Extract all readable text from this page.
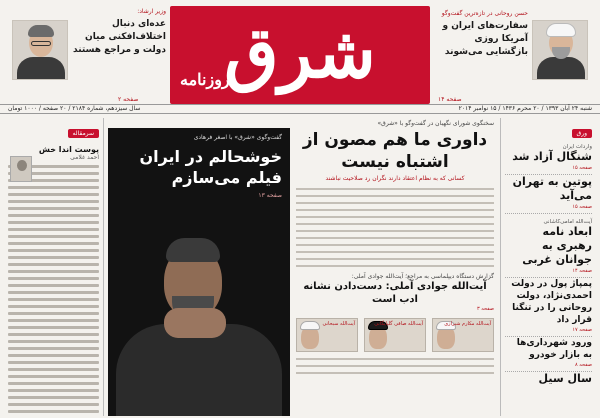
حسن روحانی در تازه‌ترین گفت‌وگو
سفارت‌های ایران و آمریکا روزی بازگشایی می‌شوند

صفحه ۱۴
شرق
روزنامه
وزیر ارشاد:
عده‌ای دنبال اختلاف‌افکنی میان دولت و مراجع هستند
صفحه ۲
شنبه ۲۴ آبان ۱۳۹۳ / ۲۰ محرم ۱۴۳۶ / ۱۵ نوامبر ۲۰۱۴
سال سیزدهم، شماره ۲۱۸۴ / ۲۰ صفحه / ۱۰۰۰ تومان
ورق
واردات ایران
شنگال آزاد شد
صفحه ۱۵
پوتین به تهران می‌آید
صفحه ۱۵
آیت‌الله امامی‌کاشانی
ابعاد نامه رهبری به جوانان غربی
صفحه ۱۴
پمپاژ پول در دولت احمدی‌نژاد، دولت روحانی را در تنگنا قرار داد
صفحه ۱۷
ورود شهرداری‌ها به بازار خودرو
صفحه ۸
سال سیل
سرمقاله
پوست اندا خش
احمد غلامی
گفت‌وگوی «شرق» با اصغر فرهادی
خوشحالم در ایران فیلم می‌سازم
صفحه ۱۳
سخنگوی شورای نگهبان در گفت‌وگو با «شرق»
داوری ما هم مصون از اشتباه نیست
کسانی که به نظام اعتقاد دارند نگران رد صلاحیت نباشند
گزارش دستگاه دیپلماسی به مراجع؛ آیت‌الله جوادی آملی:
آیت‌الله جوادی آملی: دست‌دادن نشانه ادب است
صفحه ۳
آیت‌الله مکارم شیرازی
آیت‌الله صافی گلپایگانی
آیت‌الله سبحانی
